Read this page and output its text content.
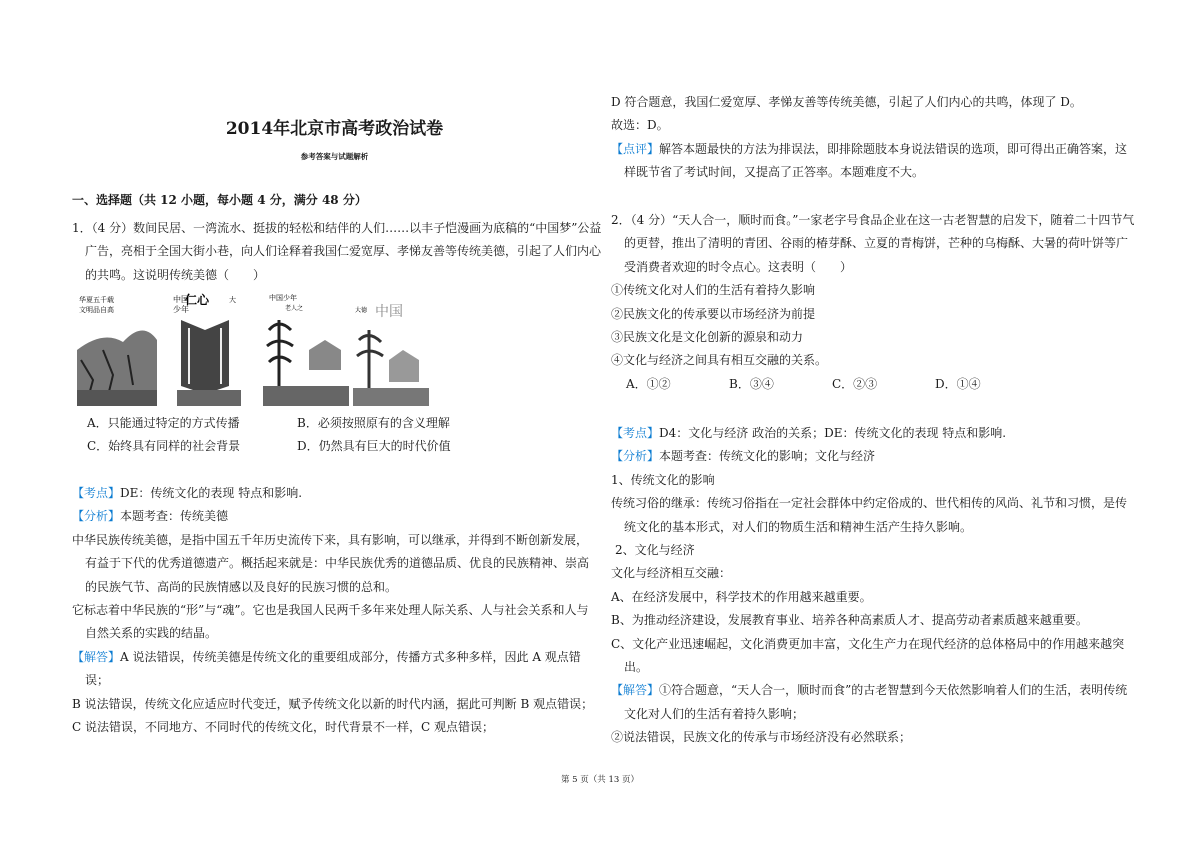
2014年北京市高考政治试卷
参考答案与试题解析

一、选择题（共 12 小题，每小题 4 分，满分 48 分）

1．（4 分）数间民居、一湾流水、挺拔的轻松和结伴的人们……以丰子恺漫画为底稿的“中国梦”公益广告，亮相于全国大街小巷，向人们诠释着我国仁爱宽厚、孝悌友善等传统美德，引起了人们内心的共鸣。这说明传统美德（　　）

A．只能通过特定的方式传播	B．必须按照原有的含义理解
C．始终具有同样的社会背景	D．仍然具有巨大的时代价值

【考点】DE：传统文化的表现 特点和影响.

【分析】本题考查：传统美德

中华民族传统美德，是指中国五千年历史流传下来，具有影响，可以继承，并得到不断创新发展，有益于下代的优秀道德遗产。概括起来就是：中华民族优秀的道德品质、优良的民族精神、崇高的民族气节、高尚的民族情感以及良好的民族习惯的总和。

它标志着中华民族的“形”与“魂”。它也是我国人民两千多年来处理人际关系、人与社会关系和人与自然关系的实践的结晶。

【解答】A 说法错误，传统美德是传统文化的重要组成部分，传播方式多种多样，因此 A 观点错误；

B 说法错误，传统文化应适应时代变迁，赋予传统文化以新的时代内涵，据此可判断 B 观点错误；

C 说法错误，不同地方、不同时代的传统文化，时代背景不一样，C 观点错误；

华夏五千载
文明品自高
中国
少年
仁心	大	中国少年
老人之	大德 中国

D 符合题意，我国仁爱宽厚、孝悌友善等传统美德，引起了人们内心的共鸣，体现了 D。

故选：D。

【点评】解答本题最快的方法为排误法，即排除题肢本身说法错误的选项，即可得出正确答案，这样既节省了考试时间，又提高了正答率。本题难度不大。

2．（4 分）“天人合一，顺时而食。”一家老字号食品企业在这一古老智慧的启发下，随着二十四节气的更替，推出了清明的青团、谷雨的椿芽酥、立夏的青梅饼，芒种的乌梅酥、大暑的荷叶饼等广受消费者欢迎的时令点心。这表明（　　）

①传统文化对人们的生活有着持久影响

②民族文化的传承要以市场经济为前提

③民族文化是文化创新的源泉和动力

④文化与经济之间具有相互交融的关系。

A．①②	B．③④	C．②③	D．①④

【考点】D4：文化与经济 政治的关系；DE：传统文化的表现 特点和影响.

【分析】本题考查：传统文化的影响；文化与经济

1、传统文化的影响

传统习俗的继承：传统习俗指在一定社会群体中约定俗成的、世代相传的风尚、礼节和习惯，是传统文化的基本形式，对人们的物质生活和精神生活产生持久影响。

2、文化与经济

文化与经济相互交融：

A、在经济发展中，科学技术的作用越来越重要。

B、为推动经济建设，发展教育事业、培养各种高素质人才、提高劳动者素质越来越重要。

C、文化产业迅速崛起，文化消费更加丰富，文化生产力在现代经济的总体格局中的作用越来越突出。

【解答】①符合题意，“天人合一，顺时而食”的古老智慧到今天依然影响着人们的生活，表明传统文化对人们的生活有着持久影响；

②说法错误，民族文化的传承与市场经济没有必然联系；

第 5 页（共 13 页）
